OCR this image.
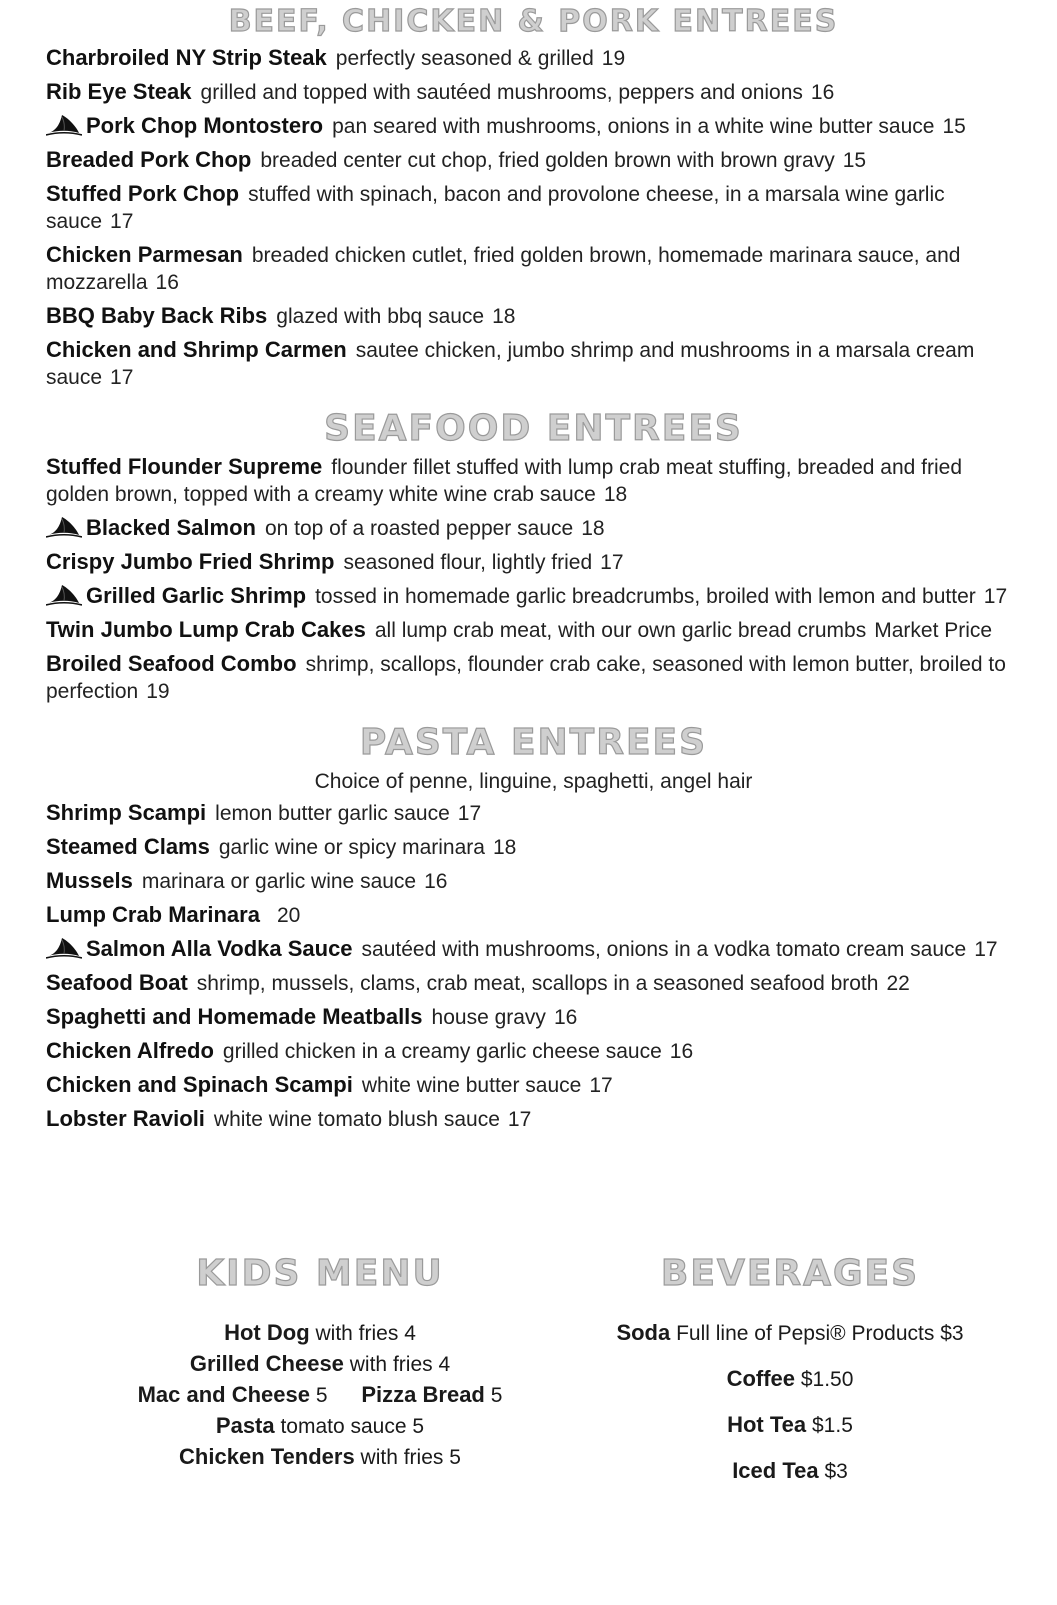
BEEF, CHICKEN & PORK ENTREES

Charbroiled NY Strip Steak perfectly seasoned & grilled 19

Rib Eye Steak grilled and topped with sautéed mushrooms, peppers and onions 16

Pork Chop Montostero pan seared with mushrooms, onions in a white wine butter sauce 15

Breaded Pork Chop breaded center cut chop, fried golden brown with brown gravy 15

Stuffed Pork Chop stuffed with spinach, bacon and provolone cheese, in a marsala wine garlic sauce 17

Chicken Parmesan breaded chicken cutlet, fried golden brown, homemade marinara sauce, and mozzarella 16

BBQ Baby Back Ribs glazed with bbq sauce 18

Chicken and Shrimp Carmen sautee chicken, jumbo shrimp and mushrooms in a marsala cream sauce 17

SEAFOOD ENTREES

Stuffed Flounder Supreme flounder fillet stuffed with lump crab meat stuffing, breaded and fried golden brown, topped with a creamy white wine crab sauce 18

Blacked Salmon on top of a roasted pepper sauce 18

Crispy Jumbo Fried Shrimp seasoned flour, lightly fried 17

Grilled Garlic Shrimp tossed in homemade garlic breadcrumbs, broiled with lemon and butter 17

Twin Jumbo Lump Crab Cakes all lump crab meat, with our own garlic bread crumbs Market Price

Broiled Seafood Combo shrimp, scallops, flounder crab cake, seasoned with lemon butter, broiled to perfection 19

PASTA ENTREES

Choice of penne, linguine, spaghetti, angel hair

Shrimp Scampi lemon butter garlic sauce 17

Steamed Clams garlic wine or spicy marinara 18

Mussels marinara or garlic wine sauce 16

Lump Crab Marinara 20

Salmon Alla Vodka Sauce sautéed with mushrooms, onions in a vodka tomato cream sauce 17

Seafood Boat shrimp, mussels, clams, crab meat, scallops in a seasoned seafood broth 22

Spaghetti and Homemade Meatballs house gravy 16

Chicken Alfredo grilled chicken in a creamy garlic cheese sauce 16

Chicken and Spinach Scampi white wine butter sauce 17

Lobster Ravioli white wine tomato blush sauce 17

KIDS MENU

Hot Dog with fries 4

Grilled Cheese with fries 4

Mac and Cheese 5 Pizza Bread 5

Pasta tomato sauce 5

Chicken Tenders with fries 5

BEVERAGES

Soda Full line of Pepsi® Products $3

Coffee $1.50

Hot Tea $1.5

Iced Tea $3
